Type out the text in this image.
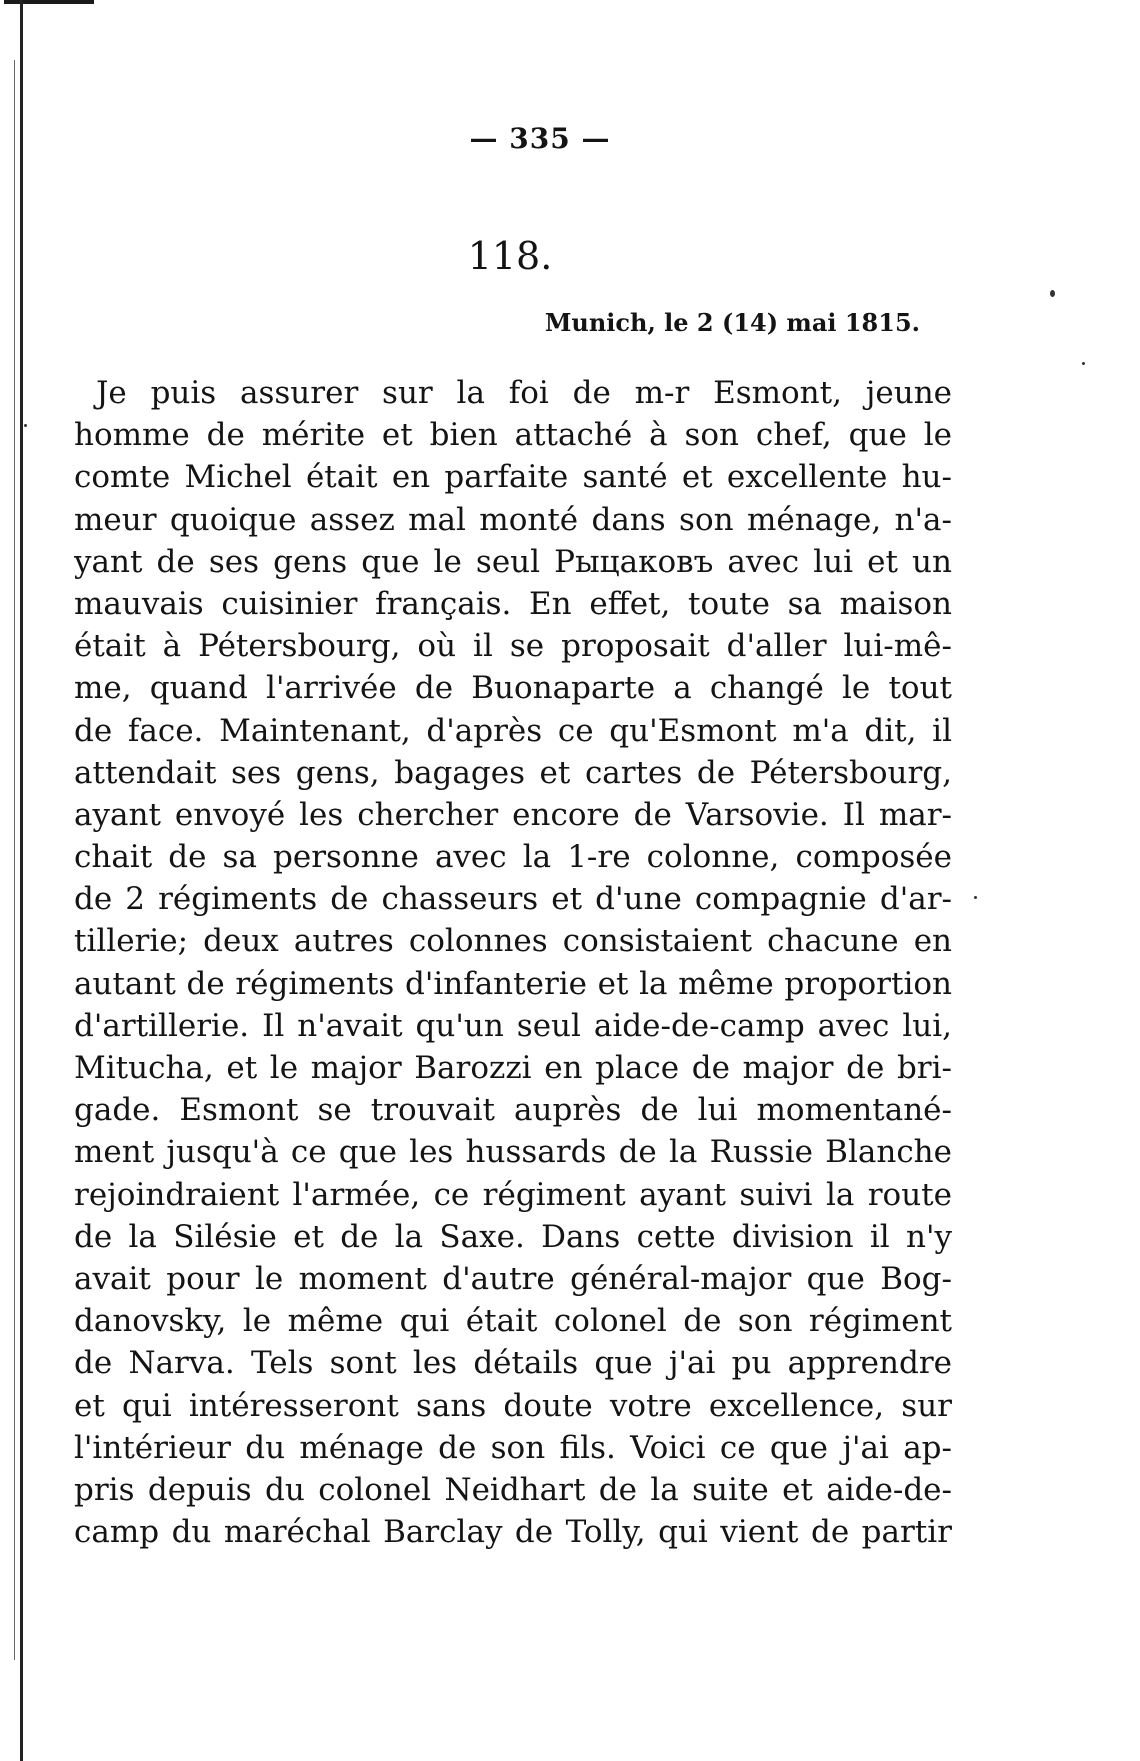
— 335 —
118.
Munich, le 2 (14) mai 1815.
Je puis assurer sur la foi de m-r Esmont, jeune
homme de mérite et bien attaché à son chef, que le
comte Michel était en parfaite santé et excellente hu-
meur quoique assez mal monté dans son ménage, n'a-
yant de ses gens que le seul Рыцаковъ avec lui et un
mauvais cuisinier français. En effet, toute sa maison
était à Pétersbourg, où il se proposait d'aller lui-mê-
me, quand l'arrivée de Buonaparte a changé le tout
de face. Maintenant, d'après ce qu'Esmont m'a dit, il
attendait ses gens, bagages et cartes de Pétersbourg,
ayant envoyé les chercher encore de Varsovie. Il mar-
chait de sa personne avec la 1-re colonne, composée
de 2 régiments de chasseurs et d'une compagnie d'ar-
tillerie; deux autres colonnes consistaient chacune en
autant de régiments d'infanterie et la même proportion
d'artillerie. Il n'avait qu'un seul aide-de-camp avec lui,
Mitucha, et le major Barozzi en place de major de bri-
gade. Esmont se trouvait auprès de lui momentané-
ment jusqu'à ce que les hussards de la Russie Blanche
rejoindraient l'armée, ce régiment ayant suivi la route
de la Silésie et de la Saxe. Dans cette division il n'y
avait pour le moment d'autre général-major que Bog-
danovsky, le même qui était colonel de son régiment
de Narva. Tels sont les détails que j'ai pu apprendre
et qui intéresseront sans doute votre excellence, sur
l'intérieur du ménage de son fils. Voici ce que j'ai ap-
pris depuis du colonel Neidhart de la suite et aide-de-
camp du maréchal Barclay de Tolly, qui vient de partir
